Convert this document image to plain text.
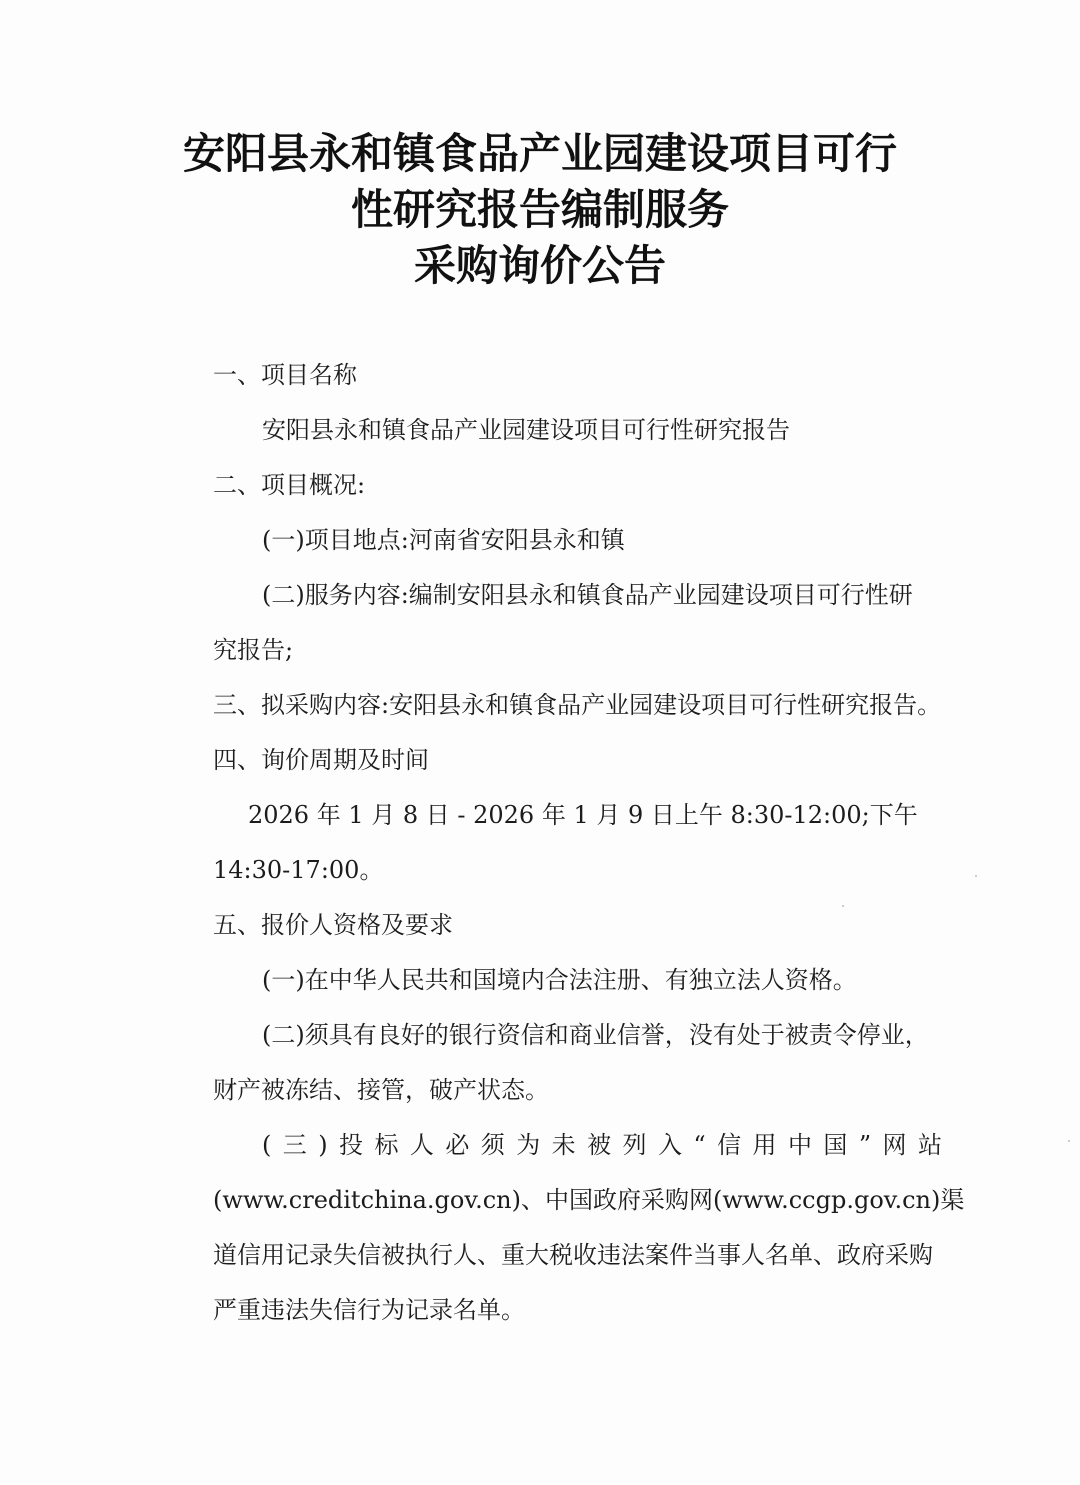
安阳县永和镇食品产业园建设项目可行
性研究报告编制服务
采购询价公告
一、项目名称
安阳县永和镇食品产业园建设项目可行性研究报告
二、项目概况:
(一)项目地点:河南省安阳县永和镇
(二)服务内容:编制安阳县永和镇食品产业园建设项目可行性研
究报告;
三、拟采购内容:安阳县永和镇食品产业园建设项目可行性研究报告。
四、询价周期及时间
2026 年 1 月 8 日 - 2026 年 1 月 9 日上午 8:30-12:00;下午
14:30-17:00。
五、报价人资格及要求
(一)在中华人民共和国境内合法注册、有独立法人资格。
(二)须具有良好的银行资信和商业信誉，没有处于被责令停业，
财产被冻结、接管，破产状态。
(三)投标人必须为未被列入“信用中国”网站
(www.creditchina.gov.cn)、中国政府采购网(www.ccgp.gov.cn)渠
道信用记录失信被执行人、重大税收违法案件当事人名单、政府采购
严重违法失信行为记录名单。
